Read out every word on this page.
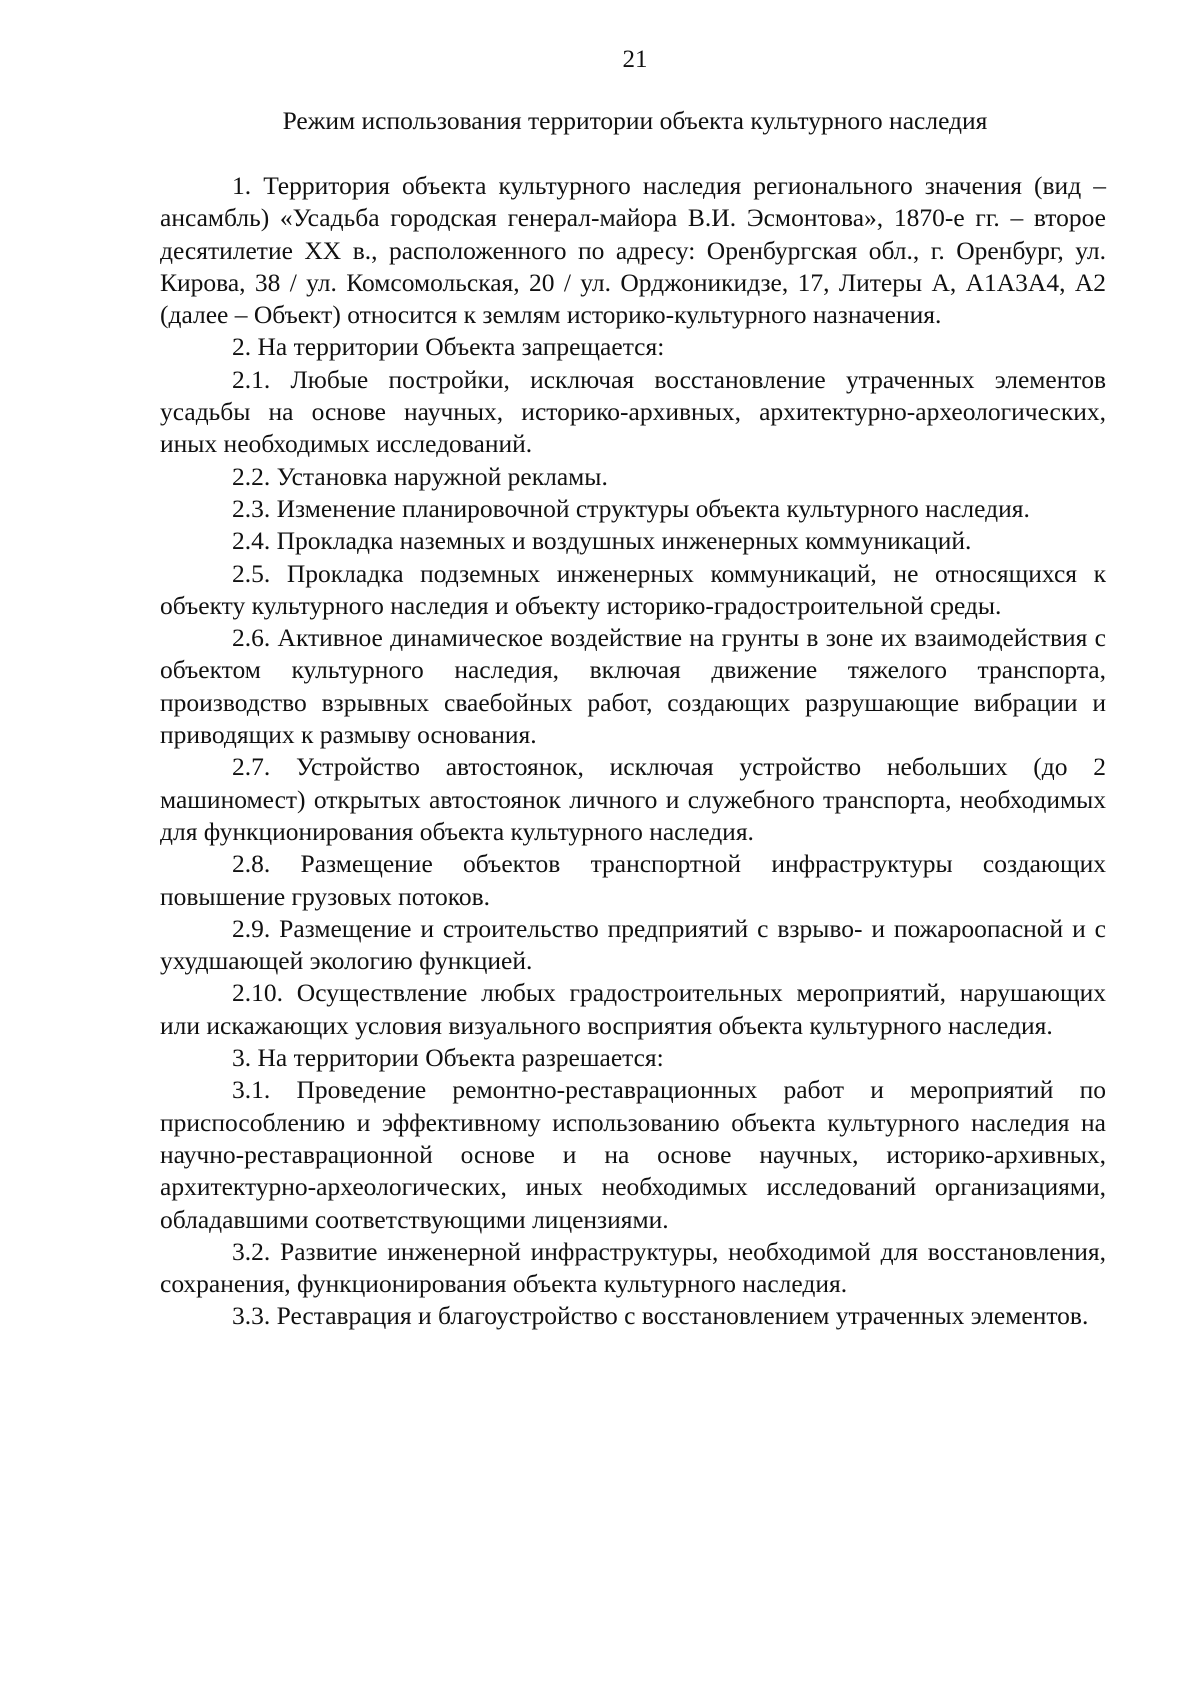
21
Режим использования территории объекта культурного наследия

1. Территория объекта культурного наследия регионального значения (вид – ансамбль) «Усадьба городская генерал-майора В.И. Эсмонтова», 1870-е гг. – второе десятилетие XX в., расположенного по адресу: Оренбургская обл., г. Оренбург, ул. Кирова, 38 / ул. Комсомольская, 20 / ул. Орджоникидзе, 17, Литеры А, А1А3А4, А2 (далее – Объект) относится к землям историко-культурного назначения.

2. На территории Объекта запрещается:

2.1. Любые постройки, исключая восстановление утраченных элементов усадьбы на основе научных, историко-архивных, архитектурно-археологических, иных необходимых исследований.

2.2. Установка наружной рекламы.

2.3. Изменение планировочной структуры объекта культурного наследия.

2.4. Прокладка наземных и воздушных инженерных коммуникаций.

2.5. Прокладка подземных инженерных коммуникаций, не относящихся к объекту культурного наследия и объекту историко-градостроительной среды.

2.6. Активное динамическое воздействие на грунты в зоне их взаимодействия с объектом культурного наследия, включая движение тяжелого транспорта, производство взрывных сваебойных работ, создающих разрушающие вибрации и приводящих к размыву основания.

2.7. Устройство автостоянок, исключая устройство небольших (до 2 машиномест) открытых автостоянок личного и служебного транспорта, необходимых для функционирования объекта культурного наследия.

2.8. Размещение объектов транспортной инфраструктуры создающих повышение грузовых потоков.

2.9. Размещение и строительство предприятий с взрыво- и пожароопасной и с ухудшающей экологию функцией.

2.10. Осуществление любых градостроительных мероприятий, нарушающих или искажающих условия визуального восприятия объекта культурного наследия.

3. На территории Объекта разрешается:

3.1. Проведение ремонтно-реставрационных работ и мероприятий по приспособлению и эффективному использованию объекта культурного наследия на научно-реставрационной основе и на основе научных, историко-архивных, архитектурно-археологических, иных необходимых исследований организациями, обладавшими соответствующими лицензиями.

3.2. Развитие инженерной инфраструктуры, необходимой для восстановления, сохранения, функционирования объекта культурного наследия.

3.3. Реставрация и благоустройство с восстановлением утраченных элементов.
